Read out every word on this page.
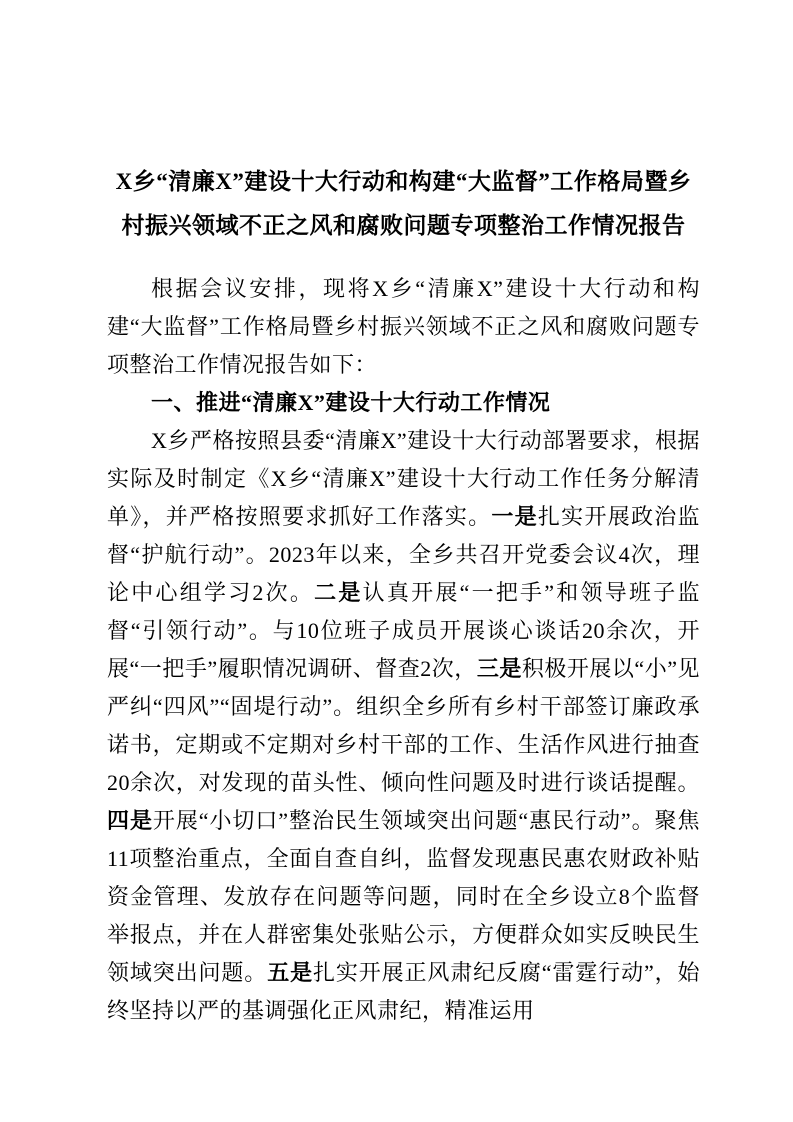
X乡“清廉X”建设十大行动和构建“大监督”工作格局暨乡村振兴领域不正之风和腐败问题专项整治工作情况报告

根据会议安排，现将X乡“清廉X”建设十大行动和构建“大监督”工作格局暨乡村振兴领域不正之风和腐败问题专项整治工作情况报告如下：

一、推进“清廉X”建设十大行动工作情况

X乡严格按照县委“清廉X”建设十大行动部署要求，根据实际及时制定《X乡“清廉X”建设十大行动工作任务分解清单》，并严格按照要求抓好工作落实。一是扎实开展政治监督“护航行动”。2023年以来，全乡共召开党委会议4次，理论中心组学习2次。二是认真开展“一把手”和领导班子监督“引领行动”。与10位班子成员开展谈心谈话20余次，开展“一把手”履职情况调研、督查2次，三是积极开展以“小”见严纠“四风”“固堤行动”。组织全乡所有乡村干部签订廉政承诺书，定期或不定期对乡村干部的工作、生活作风进行抽查20余次，对发现的苗头性、倾向性问题及时进行谈话提醒。四是开展“小切口”整治民生领域突出问题“惠民行动”。聚焦11项整治重点，全面自查自纠，监督发现惠民惠农财政补贴资金管理、发放存在问题等问题，同时在全乡设立8个监督举报点，并在人群密集处张贴公示，方便群众如实反映民生领域突出问题。五是扎实开展正风肃纪反腐“雷霆行动”，始终坚持以严的基调强化正风肃纪，精准运用
